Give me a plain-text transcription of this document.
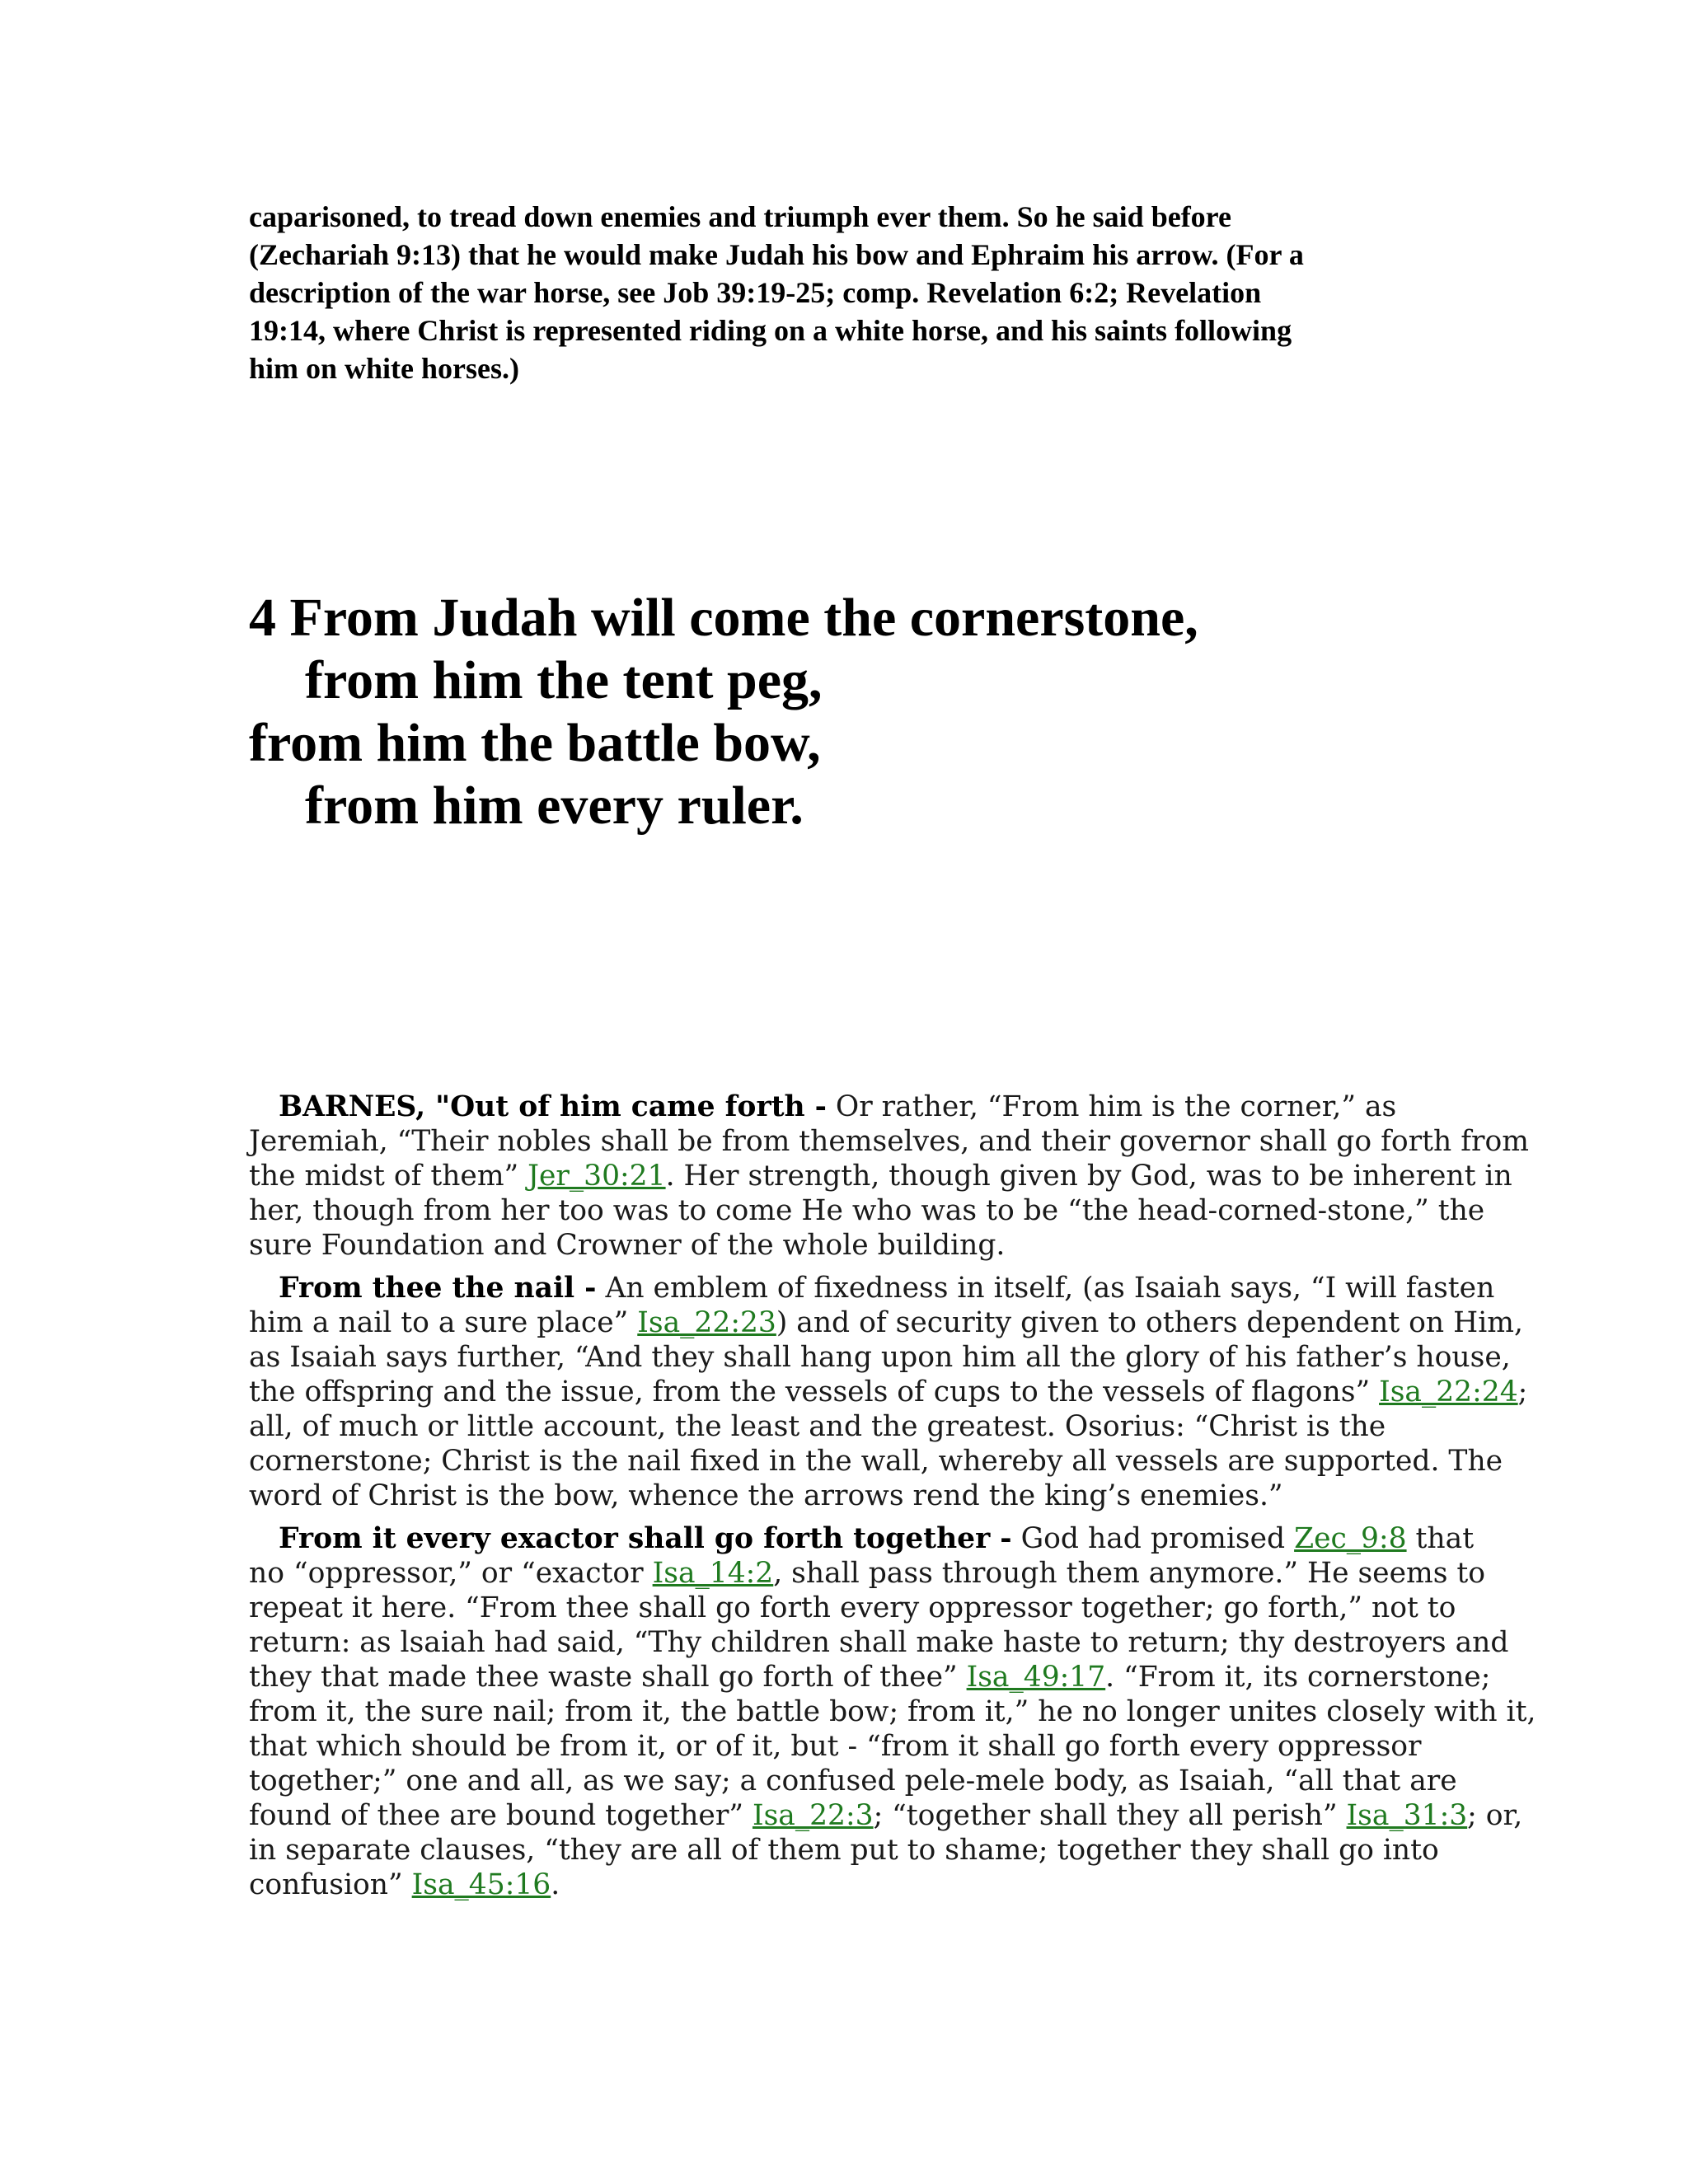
caparisoned, to tread down enemies and triumph ever them. So he said before
(Zechariah 9:13) that he would make Judah his bow and Ephraim his arrow. (For a
description of the war horse, see Job 39:19-25; comp. Revelation 6:2; Revelation
19:14, where Christ is represented riding on a white horse, and his saints following
him on white horses.)
4 From Judah will come the cornerstone,
from him the tent peg,
from him the battle bow,
from him every ruler.
BARNES, "Out of him came forth - Or rather, “From him is the corner,” as
Jeremiah, “Their nobles shall be from themselves, and their governor shall go forth from
the midst of them” Jer_30:21. Her strength, though given by God, was to be inherent in
her, though from her too was to come He who was to be “the head-corned-stone,” the
sure Foundation and Crowner of the whole building.
From thee the nail - An emblem of fixedness in itself, (as Isaiah says, “I will fasten
him a nail to a sure place” Isa_22:23) and of security given to others dependent on Him,
as Isaiah says further, “And they shall hang upon him all the glory of his father’s house,
the offspring and the issue, from the vessels of cups to the vessels of flagons” Isa_22:24;
all, of much or little account, the least and the greatest. Osorius: “Christ is the
cornerstone; Christ is the nail fixed in the wall, whereby all vessels are supported. The
word of Christ is the bow, whence the arrows rend the king’s enemies.”
From it every exactor shall go forth together - God had promised Zec_9:8 that
no “oppressor,” or “exactor Isa_14:2, shall pass through them anymore.” He seems to
repeat it here. “From thee shall go forth every oppressor together; go forth,” not to
return: as lsaiah had said, “Thy children shall make haste to return; thy destroyers and
they that made thee waste shall go forth of thee” Isa_49:17. “From it, its cornerstone;
from it, the sure nail; from it, the battle bow; from it,” he no longer unites closely with it,
that which should be from it, or of it, but - “from it shall go forth every oppressor
together;” one and all, as we say; a confused pele-mele body, as Isaiah, “all that are
found of thee are bound together” Isa_22:3; “together shall they all perish” Isa_31:3; or,
in separate clauses, “they are all of them put to shame; together they shall go into
confusion” Isa_45:16.
